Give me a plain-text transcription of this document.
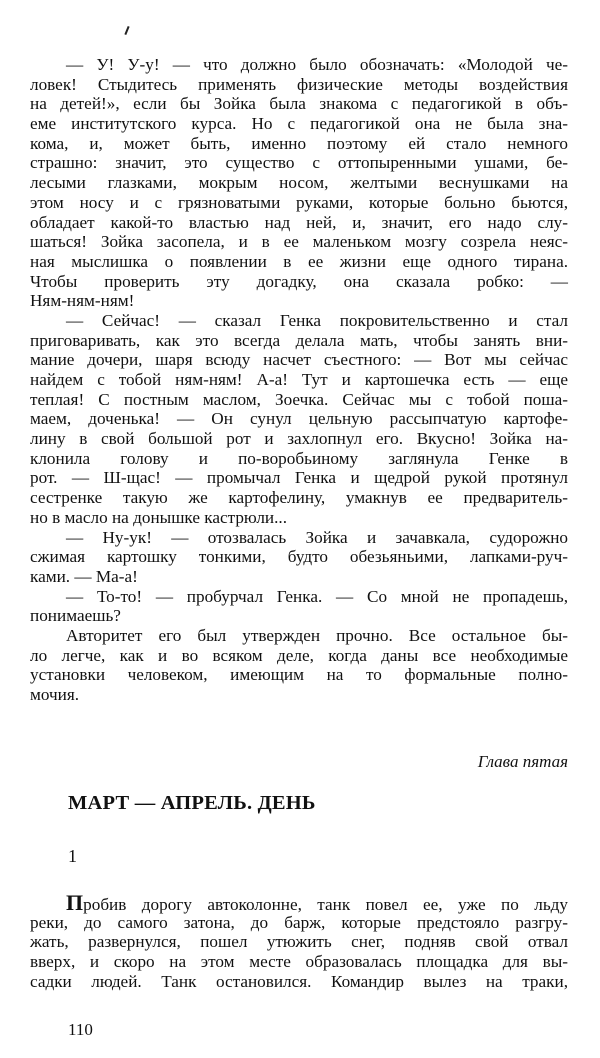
— У! У-у! — что должно было обозначать: «Молодой че-
ловек! Стыдитесь применять физические методы воздействия
на детей!», если бы Зойка была знакома с педагогикой в объ-
еме институтского курса. Но с педагогикой она не была зна-
кома, и, может быть, именно поэтому ей стало немного
страшно: значит, это существо с оттопыренными ушами, бе-
лесыми глазками, мокрым носом, желтыми веснушками на
этом носу и с грязноватыми руками, которые больно бьются,
обладает какой-то властью над ней, и, значит, его надо слу-
шаться! Зойка засопела, и в ее маленьком мозгу созрела неяс-
ная мыслишка о появлении в ее жизни еще одного тирана.
Чтобы проверить эту догадку, она сказала робко: —
Ням-ням-ням!
— Сейчас! — сказал Генка покровительственно и стал
приговаривать, как это всегда делала мать, чтобы занять вни-
мание дочери, шаря всюду насчет съестного: — Вот мы сейчас
найдем с тобой ням-ням! А-а! Тут и картошечка есть — еще
теплая! С постным маслом, Зоечка. Сейчас мы с тобой поша-
маем, доченька! — Он сунул цельную рассыпчатую картофе-
лину в свой большой рот и захлопнул его. Вкусно! Зойка на-
клонила голову и по-воробьиному заглянула Генке в
рот. — Ш-щас! — промычал Генка и щедрой рукой протянул
сестренке такую же картофелину, умакнув ее предваритель-
но в масло на донышке кастрюли...
— Ну-ук! — отозвалась Зойка и зачавкала, судорожно
сжимая картошку тонкими, будто обезьяньими, лапками-руч-
ками. — Ма-а!
— То-то! — пробурчал Генка. — Со мной не пропадешь,
понимаешь?
Авторитет его был утвержден прочно. Все остальное бы-
ло легче, как и во всяком деле, когда даны все необходимые
установки человеком, имеющим на то формальные полно-
мочия.
Глава пятая
МАРТ — АПРЕЛЬ. ДЕНЬ
1
Пробив дорогу автоколонне, танк повел ее, уже по льду
реки, до самого затона, до барж, которые предстояло разгру-
жать, развернулся, пошел утюжить снег, подняв свой отвал
вверх, и скоро на этом месте образовалась площадка для вы-
садки людей. Танк остановился. Командир вылез на траки,
110
